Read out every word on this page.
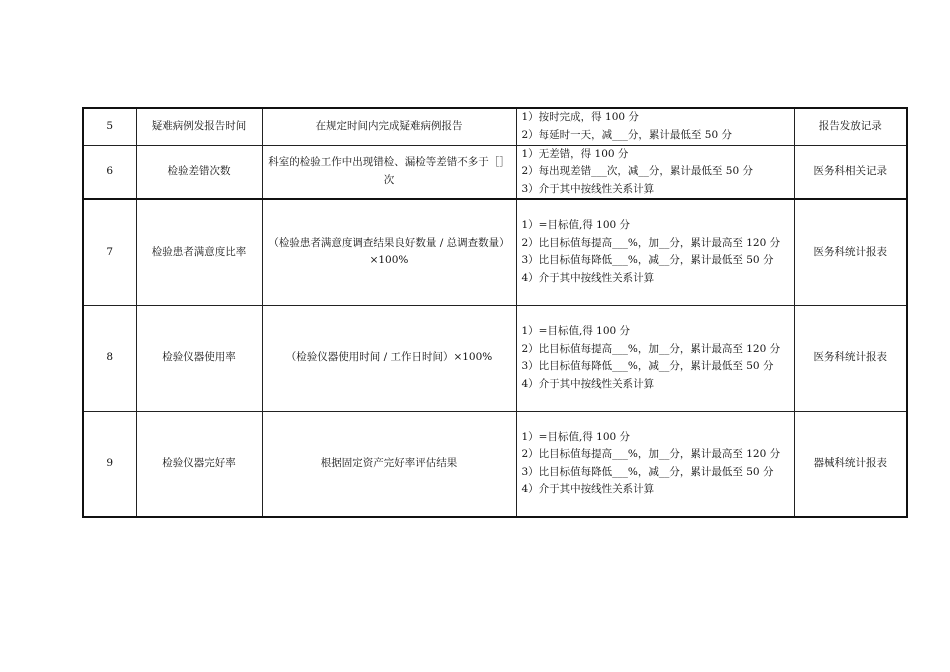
5	疑难病例发报告时间	在规定时间内完成疑难病例报告	1）按时完成，得 100 分
2）每延时一天，减___分，累计最低至 50 分	报告发放记录
6	检验差错次数	科室的检验工作中出现错检、漏检等差错不多于［］次	1）无差错，得 100 分
2）每出现差错___次，减__分，累计最低至 50 分
3）介于其中按线性关系计算	医务科相关记录
7	检验患者满意度比率	（检验患者满意度调查结果良好数量 / 总调查数量）×100%	1）=目标值,得 100 分
2）比目标值每提高___%，加__分，累计最高至 120 分
3）比目标值每降低___%，减__分，累计最低至 50 分
4）介于其中按线性关系计算	医务科统计报表
8	检验仪器使用率	（检验仪器使用时间 / 工作日时间）×100%	1）=目标值,得 100 分
2）比目标值每提高___%，加__分，累计最高至 120 分
3）比目标值每降低___%，减__分，累计最低至 50 分
4）介于其中按线性关系计算	医务科统计报表
9	检验仪器完好率	根据固定资产完好率评估结果	1）=目标值,得 100 分
2）比目标值每提高___%，加__分，累计最高至 120 分
3）比目标值每降低___%，减__分，累计最低至 50 分
4）介于其中按线性关系计算	器械科统计报表
